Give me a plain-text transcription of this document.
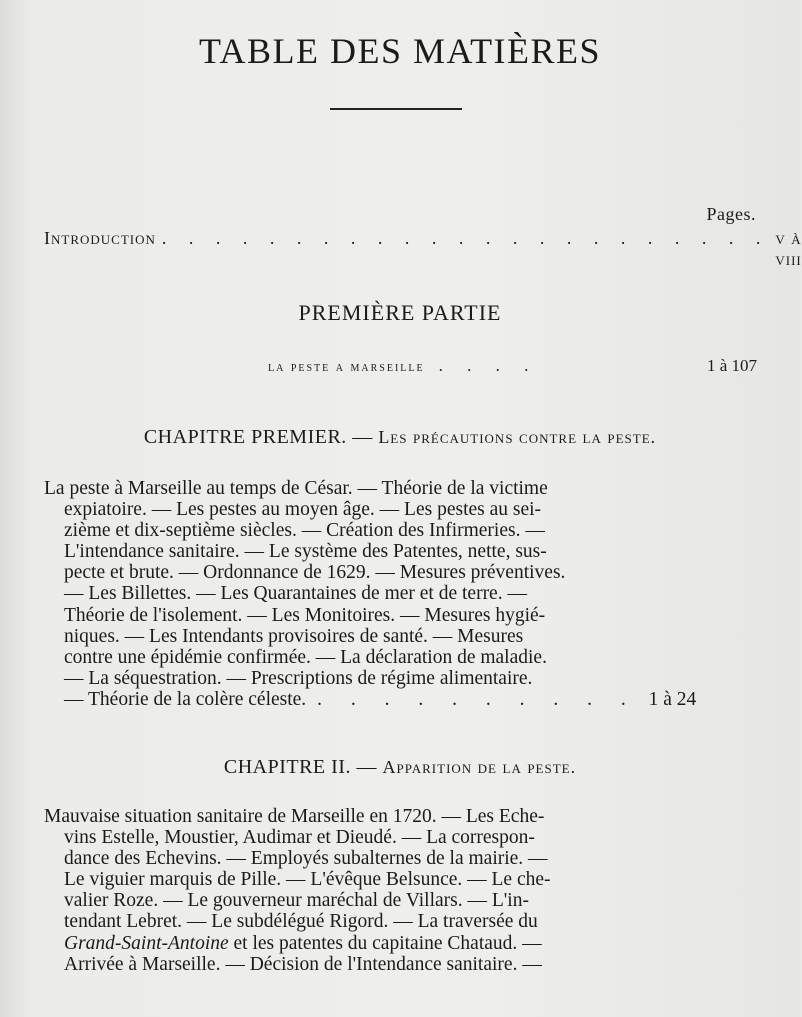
TABLE DES MATIÈRES
Pages.
Introduction . . . . . . . . . . . . . . . . . . . . . . . v à viii
PREMIÈRE PARTIE
la peste a marseille . . . .	1 à 107
CHAPITRE PREMIER. — Les précautions contre la peste.
La peste à Marseille au temps de César. — Théorie de la victime
expiatoire. — Les pestes au moyen âge. — Les pestes au sei-
zième et dix-septième siècles. — Création des Infirmeries. —
L'intendance sanitaire. — Le système des Patentes, nette, sus-
pecte et brute. — Ordonnance de 1629. — Mesures préventives.
— Les Billettes. — Les Quarantaines de mer et de terre. —
Théorie de l'isolement. — Les Monitoires. — Mesures hygié-
niques. — Les Intendants provisoires de santé. — Mesures
contre une épidémie confirmée. — La déclaration de maladie.
— La séquestration. — Prescriptions de régime alimentaire.
— Théorie de la colère céleste. . . . . . . . . . . 1 à 24
CHAPITRE II. — Apparition de la peste.
Mauvaise situation sanitaire de Marseille en 1720. — Les Eche-
vins Estelle, Moustier, Audimar et Dieudé. — La correspon-
dance des Echevins. — Employés subalternes de la mairie. —
Le viguier marquis de Pille. — L'évêque Belsunce. — Le che-
valier Roze. — Le gouverneur maréchal de Villars. — L'in-
tendant Lebret. — Le subdélégué Rigord. — La traversée du
Grand-Saint-Antoine et les patentes du capitaine Chataud. —
Arrivée à Marseille. — Décision de l'Intendance sanitaire. —
